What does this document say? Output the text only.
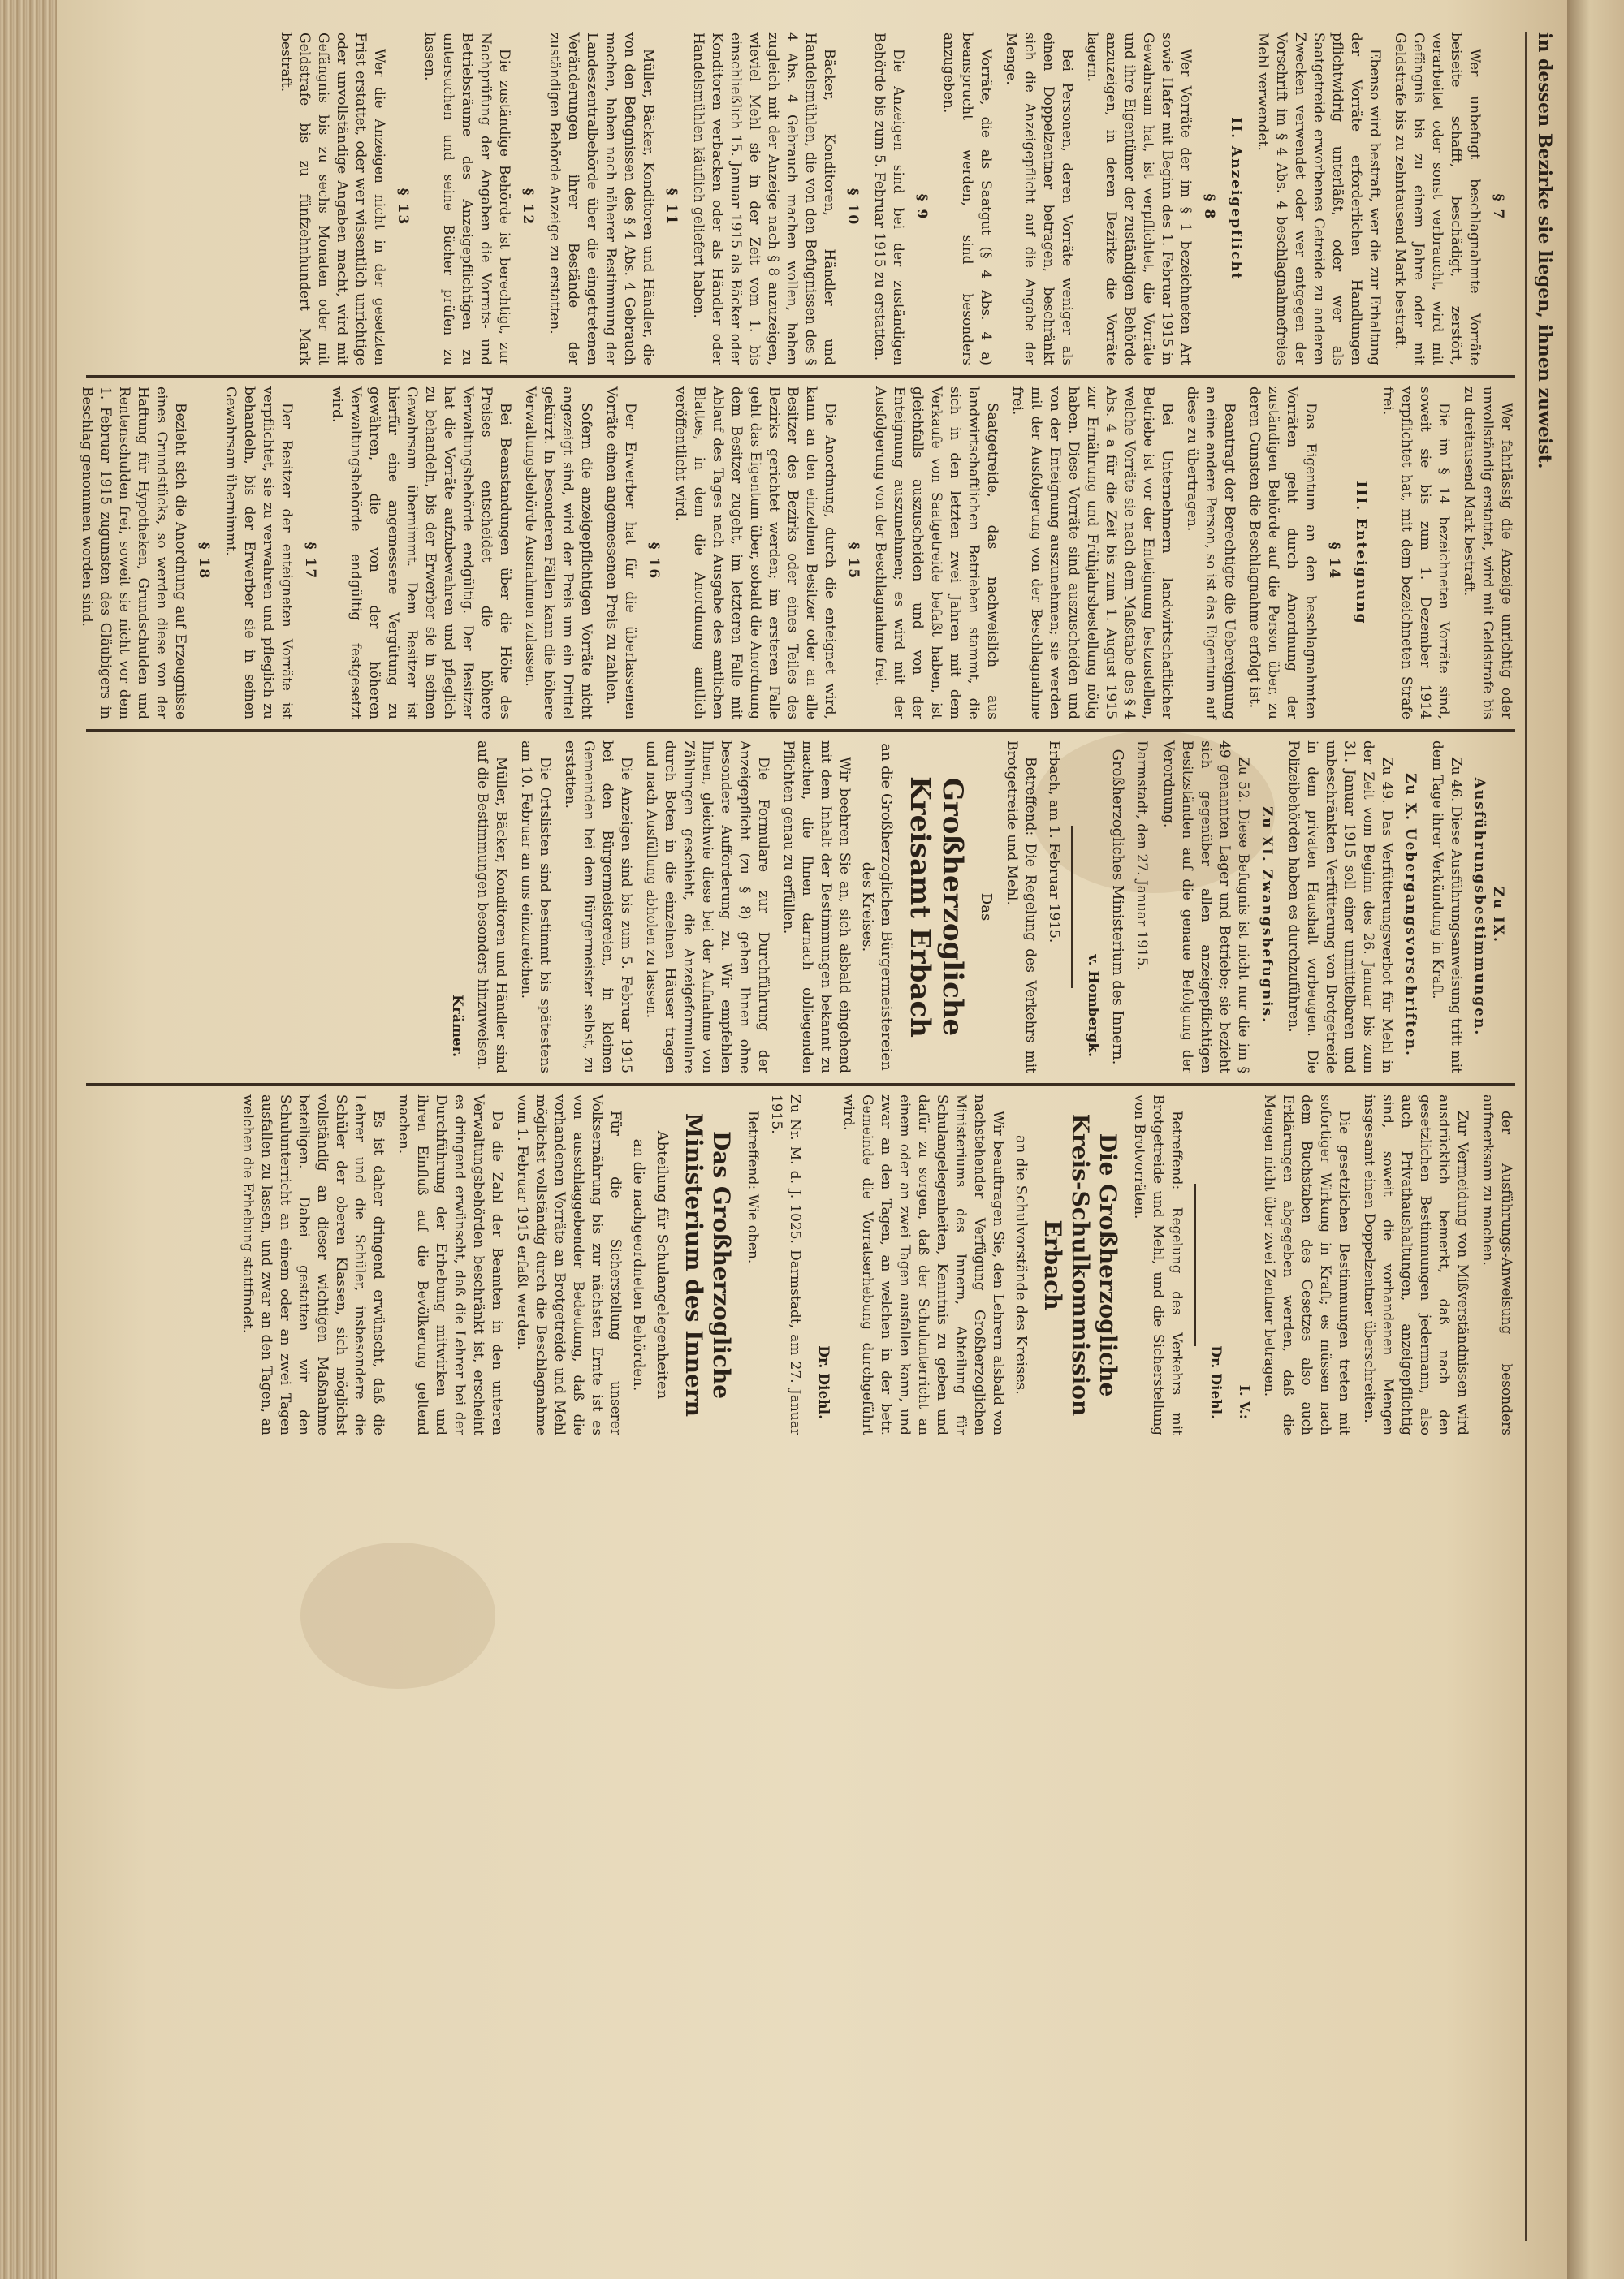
in dessen Bezirke sie liegen, ihnen zuweist.

§ 7

Wer unbefugt beschlagnahmte Vorräte beiseite schafft, beschädigt, zerstört, verarbeitet oder sonst verbraucht, wird mit Gefängnis bis zu einem Jahre oder mit Geldstrafe bis zu zehntausend Mark bestraft.

Ebenso wird bestraft, wer die zur Erhaltung der Vorräte erforderlichen Handlungen pflichtwidrig unterläßt, oder wer als Saatgetreide erworbenes Getreide zu anderen Zwecken verwendet oder wer entgegen der Vorschrift im § 4 Abs. 4 beschlagnahmefreies Mehl verwendet.

II. Anzeigepflicht

§ 8

Wer Vorräte der im § 1 bezeichneten Art sowie Hafer mit Beginn des 1. Februar 1915 in Gewahrsam hat, ist verpflichtet, die Vorräte und ihre Eigentümer der zuständigen Behörde anzuzeigen, in deren Bezirke die Vorräte lagern.

Bei Personen, deren Vorräte weniger als einen Doppelzentner betragen, beschränkt sich die Anzeigepflicht auf die Angabe der Menge.

Vorräte, die als Saatgut (§ 4 Abs. 4 a) beansprucht werden, sind besonders anzugeben.

§ 9

Die Anzeigen sind bei der zuständigen Behörde bis zum 5. Februar 1915 zu erstatten.

§ 10

Bäcker, Konditoren, Händler und Handelsmühlen, die von den Befugnissen des § 4 Abs. 4 Gebrauch machen wollen, haben zugleich mit der Anzeige nach § 8 anzuzeigen, wieviel Mehl sie in der Zeit vom 1. bis einschließlich 15. Januar 1915 als Bäcker oder Konditoren verbacken oder als Händler oder Handelsmühlen käuflich geliefert haben.

§ 11

Müller, Bäcker, Konditoren und Händler, die von den Befugnissen des § 4 Abs. 4 Gebrauch machen, haben nach näherer Bestimmung der Landeszentralbehörde über die eingetretenen Veränderungen ihrer Bestände der zuständigen Behörde Anzeige zu erstatten.

§ 12

Die zuständige Behörde ist berechtigt, zur Nachprüfung der Angaben die Vorrats- und Betriebsräume des Anzeigepflichtigen zu untersuchen und seine Bücher prüfen zu lassen.

§ 13

Wer die Anzeigen nicht in der gesetzten Frist erstattet, oder wer wissentlich unrichtige oder unvollständige Angaben macht, wird mit Gefängnis bis zu sechs Monaten oder mit Geldstrafe bis zu fünfzehnhundert Mark bestraft.

Wer fahrlässig die Anzeige unrichtig oder unvollständig erstattet, wird mit Geldstrafe bis zu dreitausend Mark bestraft.

Die im § 14 bezeichneten Vorräte sind, soweit sie bis zum 1. Dezember 1914 verpflichtet hat, mit dem bezeichneten Strafe frei.

III. Enteignung

§ 14

Das Eigentum an den beschlagnahmten Vorräten geht durch Anordnung der zuständigen Behörde auf die Person über, zu deren Gunsten die Beschlagnahme erfolgt ist.

Beantragt der Berechtigte die Uebereignung an eine andere Person, so ist das Eigentum auf diese zu übertragen.

Bei Unternehmern landwirtschaftlicher Betriebe ist vor der Enteignung festzustellen, welche Vorräte sie nach dem Maßstabe des § 4 Abs. 4 a für die Zeit bis zum 1. August 1915 zur Ernährung und Frühjahrsbestellung nötig haben. Diese Vorräte sind auszuscheiden und von der Enteignung auszunehmen; sie werden mit der Ausfolgerung von der Beschlagnahme frei.

Saatgetreide, das nachweislich aus landwirtschaftlichen Betrieben stammt, die sich in den letzten zwei Jahren mit dem Verkaufe von Saatgetreide befaßt haben, ist gleichfalls auszuscheiden und von der Enteignung auszunehmen; es wird mit der Ausfolgerung von der Beschlagnahme frei.

§ 15

Die Anordnung, durch die enteignet wird, kann an den einzelnen Besitzer oder an alle Besitzer des Bezirks oder eines Teiles des Bezirks gerichtet werden; im ersteren Falle geht das Eigentum über, sobald die Anordnung dem Besitzer zugeht, im letzteren Falle mit Ablauf des Tages nach Ausgabe des amtlichen Blattes, in dem die Anordnung amtlich veröffentlicht wird.

§ 16

Der Erwerber hat für die überlassenen Vorräte einen angemessenen Preis zu zahlen.

Sofern die anzeigepflichtigen Vorräte nicht angezeigt sind, wird der Preis um ein Drittel gekürzt. In besonderen Fällen kann die höhere Verwaltungsbehörde Ausnahmen zulassen.

Bei Beanstandungen über die Höhe des Preises entscheidet die höhere Verwaltungsbehörde endgültig. Der Besitzer hat die Vorräte aufzubewahren und pfleglich zu behandeln, bis der Erwerber sie in seinen Gewahrsam übernimmt. Dem Besitzer ist hierfür eine angemessene Vergütung zu gewähren, die von der höheren Verwaltungsbehörde endgültig festgesetzt wird.

§ 17

Der Besitzer der enteigneten Vorräte ist verpflichtet, sie zu verwahren und pfleglich zu behandeln, bis der Erwerber sie in seinen Gewahrsam übernimmt.

§ 18

Bezieht sich die Anordnung auf Erzeugnisse eines Grundstücks, so werden diese von der Haftung für Hypotheken, Grundschulden und Rentenschulden frei, soweit sie nicht vor dem 1. Februar 1915 zugunsten des Gläubigers in Beschlag genommen worden sind.

Zu IX. Ausführungsbestimmungen.

Zu 46. Diese Ausführungsanweisung tritt mit dem Tage ihrer Verkündung in Kraft.

Zu X. Uebergangsvorschriften.

Zu 49. Das Verfütterungsverbot für Mehl in der Zeit vom Beginn des 26. Januar bis zum 31. Januar 1915 soll einer unmittelbaren und unbeschränkten Verfütterung von Brotgetreide in dem privaten Haushalt vorbeugen. Die Polizeibehörden haben es durchzuführen.

Zu XI. Zwangsbefugnis.

Zu 52. Diese Befugnis ist nicht nur die im § 49 genannten Lager und Betriebe; sie bezieht sich gegenüber allen anzeigepflichtigen Besitzständen auf die genaue Befolgung der Verordnung.

Darmstadt, den 27. Januar 1915.
Großherzogliches Ministerium des Innern.
v. Hombergk.
Erbach, am 1. Februar 1915.

Betreffend: Die Regelung des Verkehrs mit Brotgetreide und Mehl.

Das
Großherzogliche Kreisamt Erbach
an die Großherzoglichen Bürgermeistereien des Kreises.

Wir beehren Sie an, sich alsbald eingehend mit dem Inhalt der Bestimmungen bekannt zu machen, die Ihnen darnach obliegenden Pflichten genau zu erfüllen.

Die Formulare zur Durchführung der Anzeigepflicht (zu § 8) gehen Ihnen ohne besondere Aufforderung zu. Wir empfehlen Ihnen, gleichwie diese bei der Aufnahme von Zählungen geschieht, die Anzeigeformulare durch Boten in die einzelnen Häuser tragen und nach Ausfüllung abholen zu lassen.

Die Anzeigen sind bis zum 5. Februar 1915 bei den Bürgermeistereien, in kleinen Gemeinden bei dem Bürgermeister selbst, zu erstatten.

Die Ortslisten sind bestimmt bis spätestens am 10. Februar an uns einzureichen.

Müller, Bäcker, Konditoren und Händler sind auf die Bestimmungen besonders hinzuweisen.

Krämer.

der Ausführungs-Anweisung besonders aufmerksam zu machen.

Zur Vermeidung von Mißverständnissen wird ausdrücklich bemerkt, daß nach den gesetzlichen Bestimmungen jedermann, also auch Privathaushaltungen, anzeigepflichtig sind, soweit die vorhandenen Mengen insgesamt einen Doppelzentner überschreiten.

Die gesetzlichen Bestimmungen treten mit sofortiger Wirkung in Kraft; es müssen nach dem Buchstaben des Gesetzes also auch Erklärungen abgegeben werden, daß die Mengen nicht über zwei Zentner betragen.

I. V.:
Dr. Diehl.

Betreffend: Regelung des Verkehrs mit Brotgetreide und Mehl, und die Sicherstellung von Brotvorräten.

Die Großherzogliche Kreis-Schulkommission Erbach
an die Schulvorstände des Kreises.

Wir beauftragen Sie, den Lehrern alsbald von nachstehender Verfügung Großherzoglichen Ministeriums des Innern, Abteilung für Schulangelegenheiten, Kenntnis zu geben und dafür zu sorgen, daß der Schulunterricht an einem oder an zwei Tagen ausfallen kann, und zwar an den Tagen, an welchen in der betr. Gemeinde die Vorratserhebung durchgeführt wird.

Dr. Diehl.
Zu Nr. M. d. J. 1025. Darmstadt, am 27. Januar 1915.

Betreffend: Wie oben.

Das Großherzogliche Ministerium des Innern
Abteilung für Schulangelegenheiten
an die nachgeordneten Behörden.

Für die Sicherstellung unserer Volksernährung bis zur nächsten Ernte ist es von ausschlaggebender Bedeutung, daß die vorhandenen Vorräte an Brotgetreide und Mehl möglichst vollständig durch die Beschlagnahme vom 1. Februar 1915 erfaßt werden.

Da die Zahl der Beamten in den unteren Verwaltungsbehörden beschränkt ist, erscheint es dringend erwünscht, daß die Lehrer bei der Durchführung der Erhebung mitwirken und ihren Einfluß auf die Bevölkerung geltend machen.

Es ist daher dringend erwünscht, daß die Lehrer und die Schüler, insbesondere die Schüler der oberen Klassen, sich möglichst vollständig an dieser wichtigen Maßnahme beteiligen. Dabei gestatten wir den Schulunterricht an einem oder an zwei Tagen ausfallen zu lassen, und zwar an den Tagen, an welchen die Erhebung stattfindet.
